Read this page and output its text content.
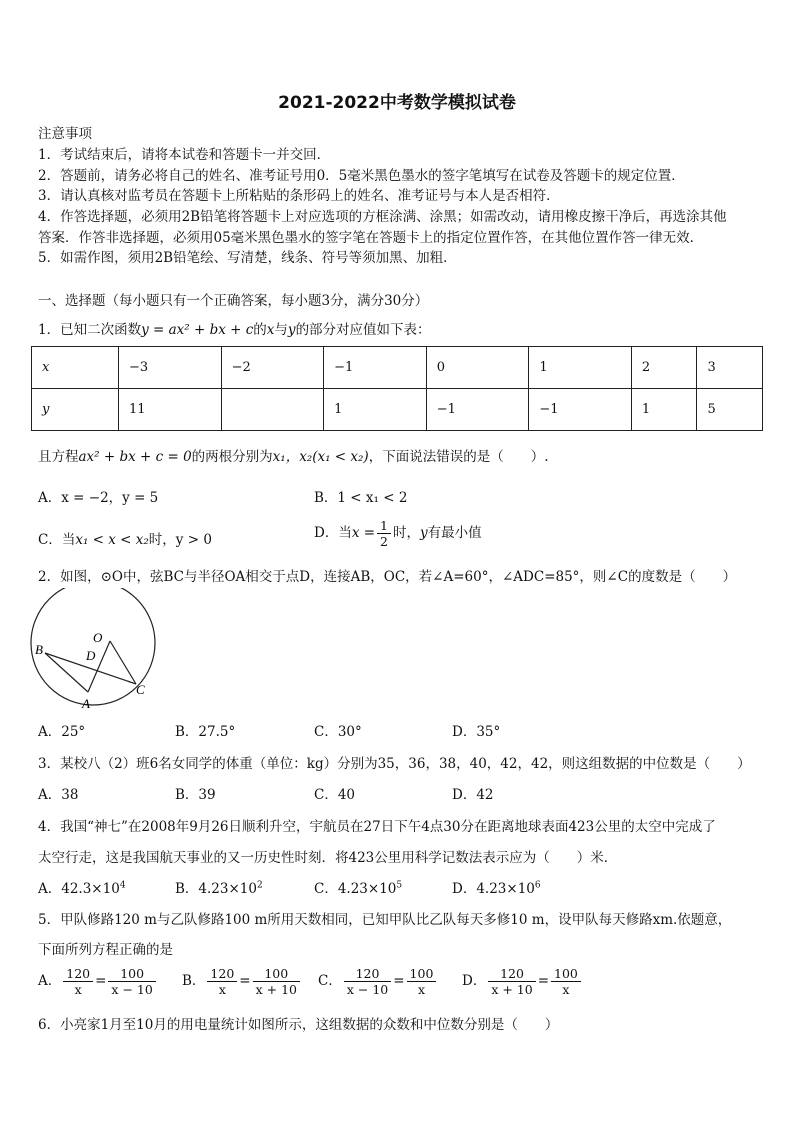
2021-2022中考数学模拟试卷
注意事项
1．考试结束后，请将本试卷和答题卡一并交回．
2．答题前，请务必将自己的姓名、准考证号用0．5毫米黑色墨水的签字笔填写在试卷及答题卡的规定位置．
3．请认真核对监考员在答题卡上所粘贴的条形码上的姓名、准考证号与本人是否相符．
4．作答选择题，必须用2B铅笔将答题卡上对应选项的方框涂满、涂黑；如需改动，请用橡皮擦干净后，再选涂其他
答案．作答非选择题，必须用05毫米黑色墨水的签字笔在答题卡上的指定位置作答，在其他位置作答一律无效．
5．如需作图，须用2B铅笔绘、写清楚，线条、符号等须加黑、加粗．
一、选择题（每小题只有一个正确答案，每小题3分，满分30分）
1．已知二次函数y = ax² + bx + c的x与y的部分对应值如下表：
x	−3	−2	−1	0	1	2	3
y	11		1	−1	−1	1	5
且方程ax² + bx + c = 0的两根分别为x₁，x₂(x₁ < x₂)，下面说法错误的是（　　）.
A．x = −2，y = 5	B．1 < x₁ < 2
C．当x₁ < x < x₂时，y > 0	D．当$x = \frac{1}{2}$ 时，y有最小值
2．如图，⊙O中，弦BC与半径OA相交于点D，连接AB，OC，若∠A=60°，∠ADC=85°，则∠C的度数是（　　）
O
B	D
A
C
A．25°	B．27.5°	C．30°	D．35°
3．某校八（2）班6名女同学的体重（单位：kg）分别为35，36，38，40，42，42，则这组数据的中位数是（　　）
A．38	B．39	C．40	D．42
4．我国“神七”在2008年9月26日顺利升空，宇航员在27日下午4点30分在距离地球表面423公里的太空中完成了
太空行走，这是我国航天事业的又一历史性时刻．将423公里用科学记数法表示应为（　　）米．
A．$42.3\times 10^4$	B．$4.23\times 10^2$	C．$4.23\times 10^5$	D．$4.23\times 10^6$
5．甲队修路120 m与乙队修路100 m所用天数相同，已知甲队比乙队每天多修10 m，设甲队每天修路xm.依题意，
下面所列方程正确的是
A． $\frac{120}{x} = \frac{100}{x - 10}$ B． $\frac{120}{x} = \frac{100}{x + 10}$ C． $\frac{120}{x - 10} = \frac{100}{x}$ D． $\frac{120}{x + 10} = \frac{100}{x}$
6．小亮家1月至10月的用电量统计如图所示，这组数据的众数和中位数分别是（　　）
